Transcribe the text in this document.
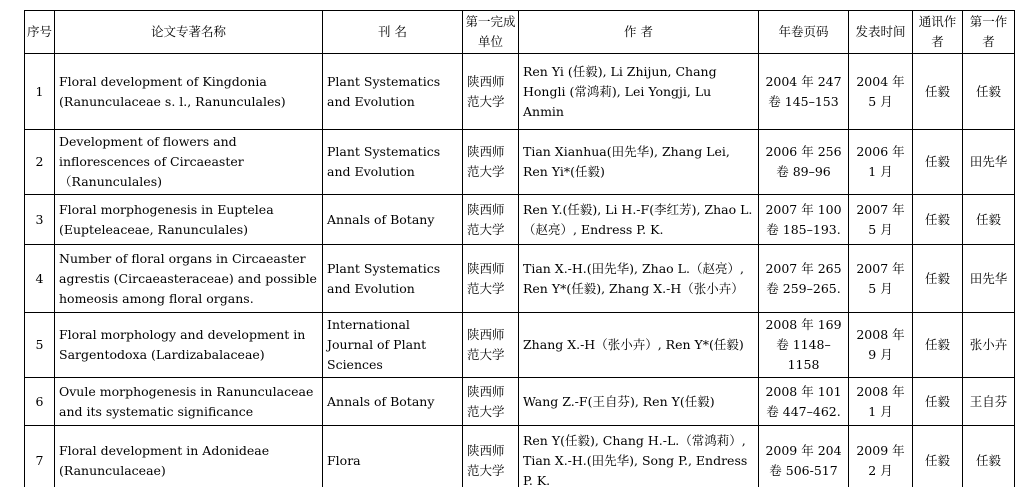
序号	论文专著名称	刊 名	第一完成单位	作 者	年卷页码	发表时间	通讯作者	第一作者
1	Floral development of Kingdonia (Ranunculaceae s. l., Ranunculales)	Plant Systematics and Evolution	陕西师范大学	Ren Yi (任毅), Li Zhijun, Chang Hongli (常鸿莉), Lei Yongji, Lu Anmin	2004 年 247 卷 145–153	2004 年 5 月	任毅	任毅
2	Development of flowers and inflorescences of Circaeaster（Ranunculales)	Plant Systematics and Evolution	陕西师范大学	Tian Xianhua(田先华), Zhang Lei, Ren Yi*(任毅)	2006 年 256 卷 89–96	2006 年 1 月	任毅	田先华
3	Floral morphogenesis in Euptelea (Eupteleaceae, Ranunculales)	Annals of Botany	陕西师范大学	Ren Y.(任毅), Li H.-F(李红芳), Zhao L.（赵亮）, Endress P. K.	2007 年 100 卷 185–193.	2007 年 5 月	任毅	任毅
4	Number of floral organs in Circaeaster agrestis (Circaeasteraceae) and possible homeosis among floral organs.	Plant Systematics and Evolution	陕西师范大学	Tian X.-H.(田先华), Zhao L.（赵亮）, Ren Y*(任毅), Zhang X.-H（张小卉）	2007 年 265 卷 259–265.	2007 年 5 月	任毅	田先华
5	Floral morphology and development in Sargentodoxa (Lardizabalaceae)	International Journal of Plant Sciences	陕西师范大学	Zhang X.-H（张小卉）, Ren Y*(任毅)	2008 年 169 卷 1148–1158	2008 年 9 月	任毅	张小卉
6	Ovule morphogenesis in Ranunculaceae and its systematic significance	Annals of Botany	陕西师范大学	Wang Z.-F(王自芬), Ren Y(任毅)	2008 年 101 卷 447–462.	2008 年 1 月	任毅	王自芬
7	Floral development in Adonideae (Ranunculaceae)	Flora	陕西师范大学	Ren Y(任毅), Chang H.-L.（常鸿莉）, Tian X.-H.(田先华), Song P., Endress P. K.	2009 年 204 卷 506-517	2009 年 2 月	任毅	任毅
